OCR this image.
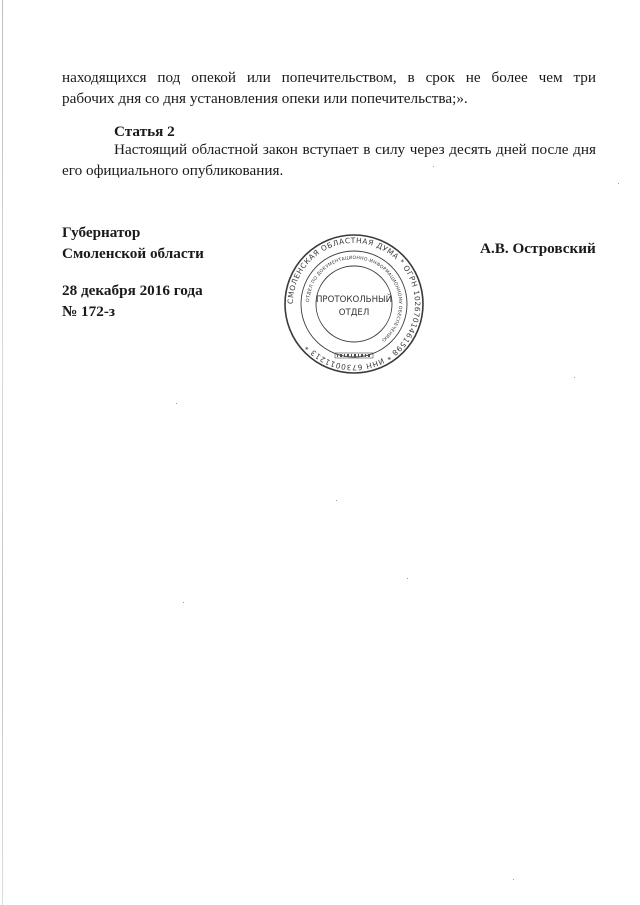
находящихся под опекой или попечительством, в срок не более чем три
рабочих дня со дня установления опеки или попечительства;».

Статья 2

Настоящий областной закон вступает в силу через десять дней после дня
его официального опубликования.

Губернатор
Смоленской области	А.В. Островский
28 декабря 2016 года
№ 172-з
СМОЛЕНСКАЯ ОБЛАСТНАЯ ДУМА * ОГРН 1026701461598 * ИНН 6730011213 *
ОТДЕЛ ПО ДОКУМЕНТАЦИОННО-ИНФОРМАЦИОННОМУ ОБЕСПЕЧЕНИЮ
ПРОТОКОЛЬНЫЙ
ОТДЕЛ
